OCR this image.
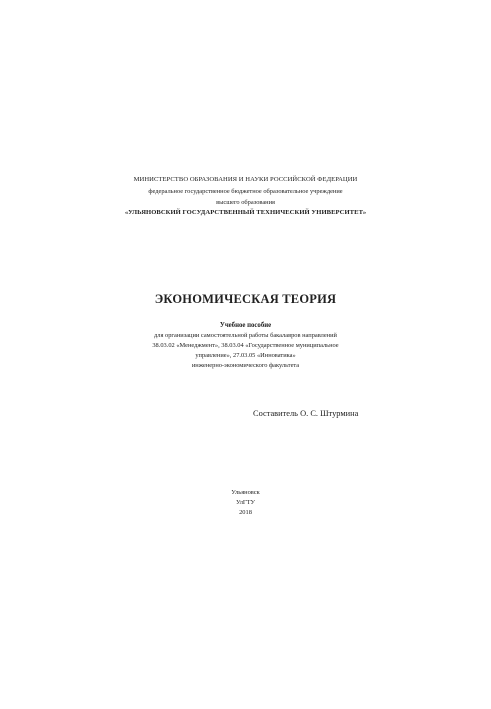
МИНИСТЕРСТВО ОБРАЗОВАНИЯ И НАУКИ РОССИЙСКОЙ ФЕДЕРАЦИИ
федеральное государственное бюджетное образовательное учреждение
высшего образования
«УЛЬЯНОВСКИЙ ГОСУДАРСТВЕННЫЙ ТЕХНИЧЕСКИЙ УНИВЕРСИТЕТ»
ЭКОНОМИЧЕСКАЯ ТЕОРИЯ
Учебное пособие
для организации самостоятельной работы бакалавров направлений
38.03.02 «Менеджмент», 38.03.04 «Государственное муниципальное
управление», 27.03.05 «Инноватика»
инженерно-экономического факультета
Составитель О. С. Штурмина
Ульяновск
УлГТУ
2018
